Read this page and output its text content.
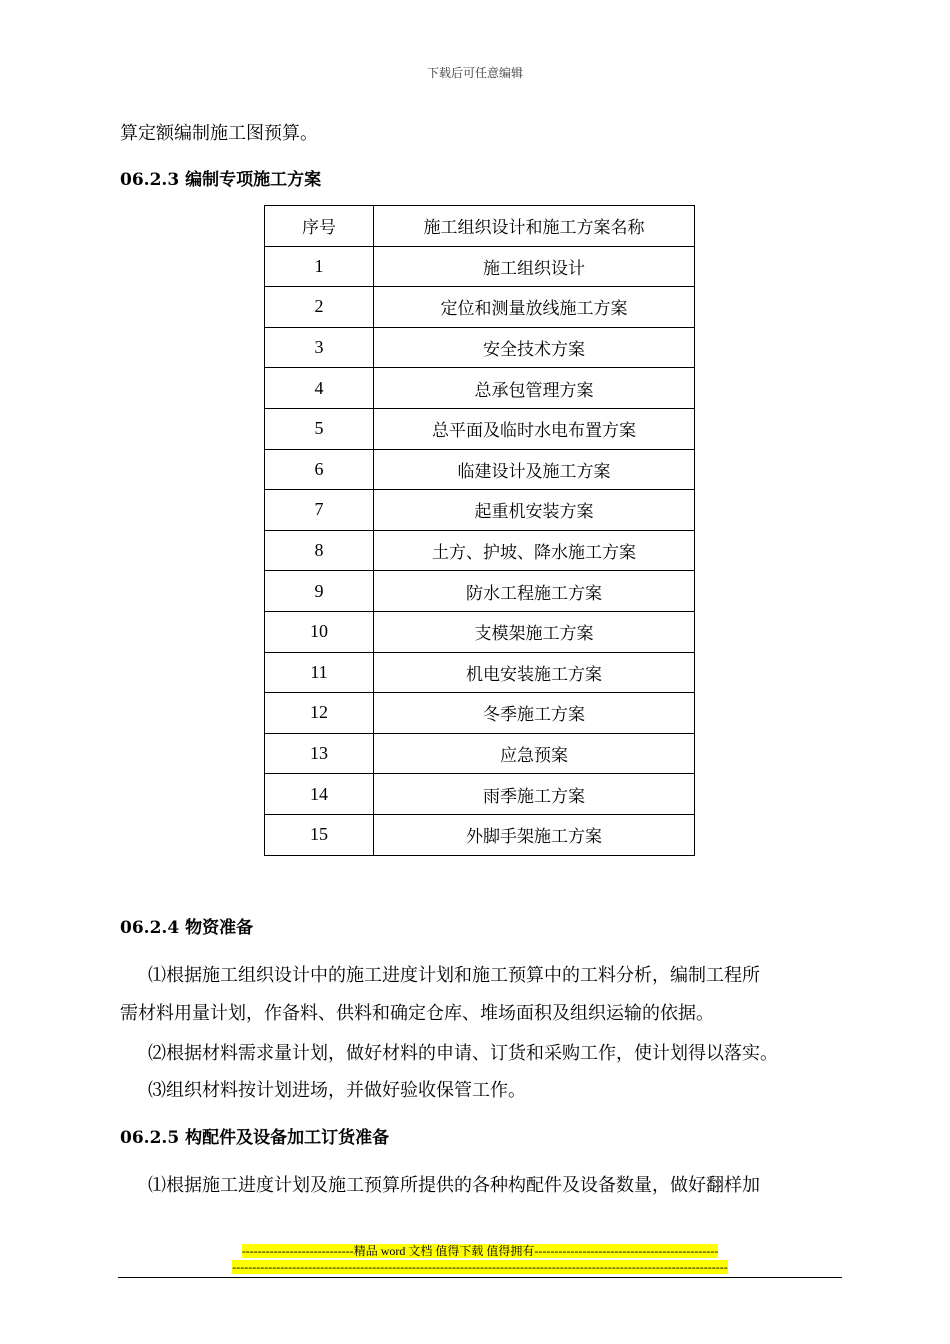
下载后可任意编辑
算定额编制施工图预算。
06.2.3 编制专项施工方案
序号	施工组织设计和施工方案名称
1	施工组织设计
2	定位和测量放线施工方案
3	安全技术方案
4	总承包管理方案
5	总平面及临时水电布置方案
6	临建设计及施工方案
7	起重机安装方案
8	土方、护坡、降水施工方案
9	防水工程施工方案
10	支模架施工方案
11	机电安装施工方案
12	冬季施工方案
13	应急预案
14	雨季施工方案
15	外脚手架施工方案
06.2.4 物资准备
⑴根据施工组织设计中的施工进度计划和施工预算中的工料分析，编制工程所
需材料用量计划，作备料、供料和确定仓库、堆场面积及组织运输的依据。
⑵根据材料需求量计划，做好材料的申请、订货和采购工作，使计划得以落实。
⑶组织材料按计划进场，并做好验收保管工作。
06.2.5 构配件及设备加工订货准备
⑴根据施工进度计划及施工预算所提供的各种构配件及设备数量，做好翻样加
----------------------------精品 word 文档 值得下载 值得拥有----------------------------------------------
----------------------------------------------------------------------------------------------------------------------------
